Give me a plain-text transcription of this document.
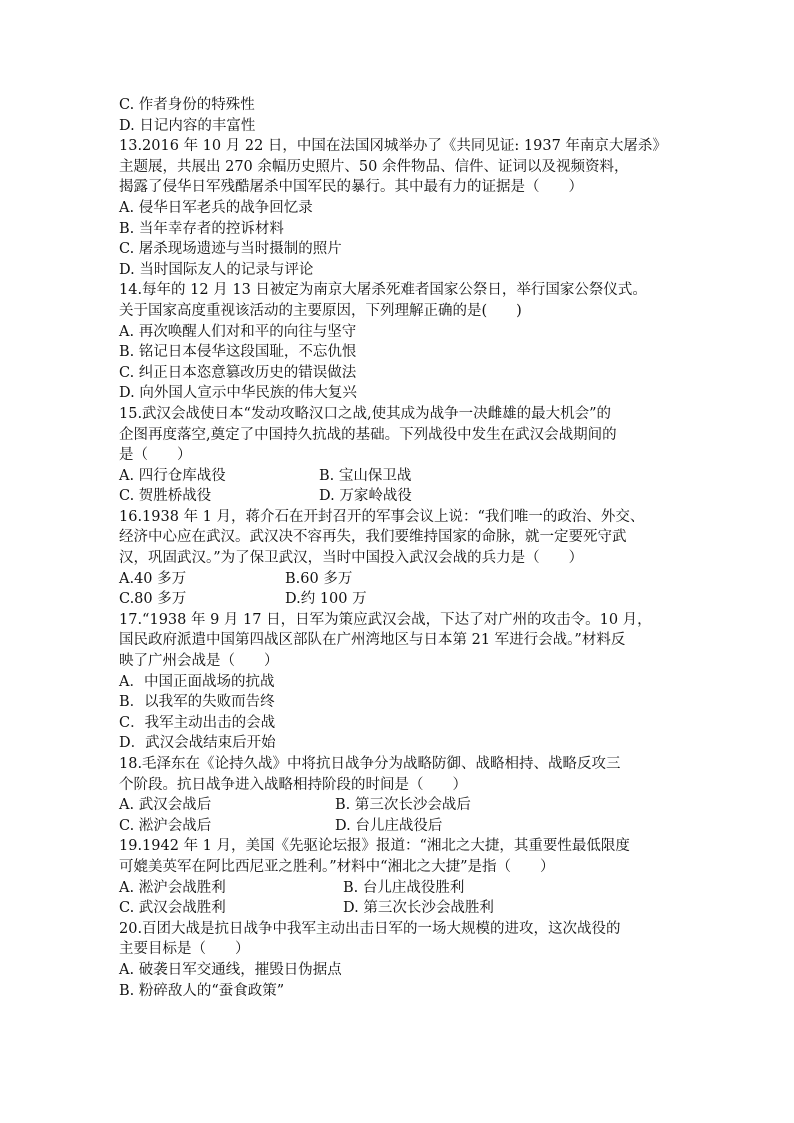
C. 作者身份的特殊性
D. 日记内容的丰富性
13.2016 年 10 月 22 日，中国在法国冈城举办了《共同见证: 1937 年南京大屠杀》
主题展，共展出 270 余幅历史照片、50 余件物品、信件、证词以及视频资料，
揭露了侵华日军残酷屠杀中国军民的暴行。其中最有力的证据是（　　）
A. 侵华日军老兵的战争回忆录
B. 当年幸存者的控诉材料
C. 屠杀现场遗迹与当时摄制的照片
D. 当时国际友人的记录与评论
14.每年的 12 月 13 日被定为南京大屠杀死难者国家公祭日，举行国家公祭仪式。
关于国家高度重视该活动的主要原因，下列理解正确的是(　　)
A. 再次唤醒人们对和平的向往与坚守
B. 铭记日本侵华这段国耻，不忘仇恨
C. 纠正日本恣意篡改历史的错误做法
D. 向外国人宣示中华民族的伟大复兴
15.武汉会战使日本“发动攻略汉口之战,使其成为战争一决雌雄的最大机会”的
企图再度落空,奠定了中国持久抗战的基础。下列战役中发生在武汉会战期间的
是（　　）
A. 四行仓库战役	B. 宝山保卫战
C. 贺胜桥战役	D. 万家岭战役
16.1938 年 1 月，蒋介石在开封召开的军事会议上说：“我们唯一的政治、外交、
经济中心应在武汉。武汉决不容再失，我们要维持国家的命脉，就一定要死守武
汉，巩固武汉。”为了保卫武汉，当时中国投入武汉会战的兵力是（　　）
A.40 多万	B.60 多万
C.80 多万	D.约 100 万
17.“1938 年 9 月 17 日，日军为策应武汉会战，下达了对广州的攻击令。10 月，
国民政府派遣中国第四战区部队在广州湾地区与日本第 21 军进行会战。”材料反
映了广州会战是（　　）
A．中国正面战场的抗战
B．以我军的失败而告终
C．我军主动出击的会战
D．武汉会战结束后开始
18.毛泽东在《论持久战》中将抗日战争分为战略防御、战略相持、战略反攻三
个阶段。抗日战争进入战略相持阶段的时间是（　　）
A. 武汉会战后	B. 第三次长沙会战后
C. 淞沪会战后	D. 台儿庄战役后
19.1942 年 1 月，美国《先驱论坛报》报道：“湘北之大捷，其重要性最低限度
可媲美英军在阿比西尼亚之胜利。”材料中“湘北之大捷”是指（　　）
A. 淞沪会战胜利	B. 台儿庄战役胜利
C. 武汉会战胜利	D. 第三次长沙会战胜利
20.百团大战是抗日战争中我军主动出击日军的一场大规模的进攻，这次战役的
主要目标是（　　）
A. 破袭日军交通线，摧毁日伪据点
B. 粉碎敌人的“蚕食政策”
